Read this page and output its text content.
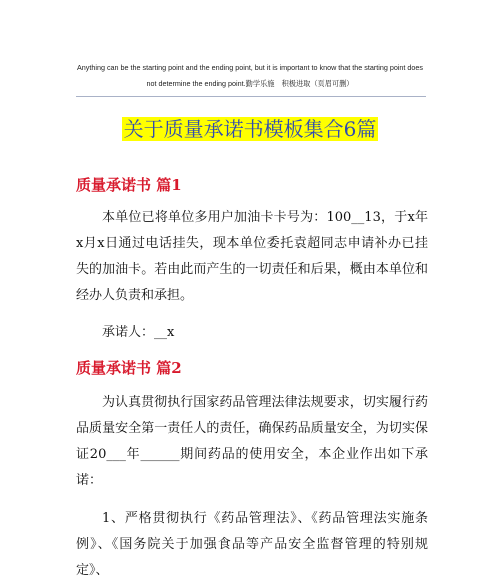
Anything can be the starting point and the ending point, but it is important to know that the starting point does
not determine the ending point.勤学乐施　积极进取（页眉可删）
关于质量承诺书模板集合6篇
质量承诺书 篇1
本单位已将单位多用户加油卡卡号为：100__13，于x年x月x日通过电话挂失，现本单位委托袁超同志申请补办已挂失的加油卡。若由此而产生的一切责任和后果，概由本单位和经办人负责和承担。
承诺人：__x
质量承诺书 篇2
为认真贯彻执行国家药品管理法律法规要求，切实履行药品质量安全第一责任人的责任，确保药品质量安全，为切实保证20___年______期间药品的使用安全，本企业作出如下承诺：
1、严格贯彻执行《药品管理法》、《药品管理法实施条例》、《国务院关于加强食品等产品安全监督管理的特别规定》、
